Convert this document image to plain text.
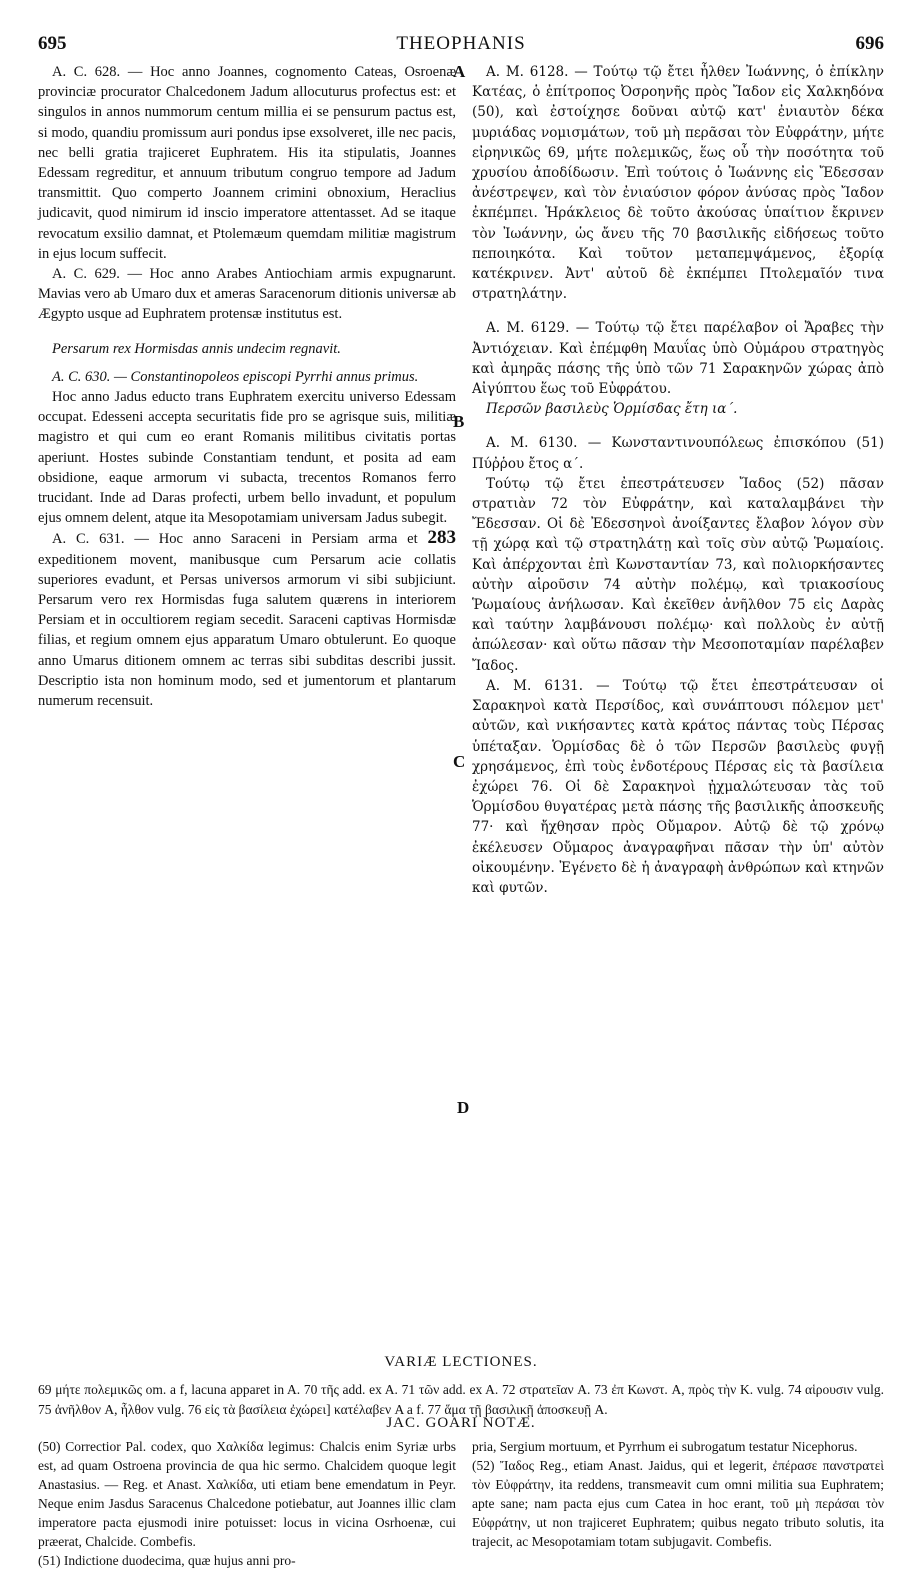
695	THEOPHANIS	696
A
B
C
D

A. C. 628. — Hoc anno Joannes, cognomento Cateas, Osroenæ provinciæ procurator Chalcedonem Jadum allocuturus profectus est: et singulos in annos nummorum centum millia ei se pensurum pactus est, si modo, quandiu promissum auri pondus ipse exsolveret, ille nec pacis, nec belli gratia trajiceret Euphratem. His ita stipulatis, Joannes Edessam regreditur, et annuum tributum congruo tempore ad Jadum transmittit. Quo comperto Joannem crimini obnoxium, Heraclius judicavit, quod nimirum id inscio imperatore attentasset. Ad se itaque revocatum exsilio damnat, et Ptolemæum quemdam militiæ magistrum in ejus locum suffecit.

A. C. 629. — Hoc anno Arabes Antiochiam armis expugnarunt. Mavias vero ab Umaro dux et ameras Saracenorum ditionis universæ ab Ægypto usque ad Euphratem protensæ institutus est.

Persarum rex Hormisdas annis undecim regnavit.

A. C. 630. — Constantinopoleos episcopi Pyrrhi annus primus.

Hoc anno Jadus educto trans Euphratem exercitu universo Edessam occupat. Edesseni accepta securitatis fide pro se agrisque suis, militiæ magistro et qui cum eo erant Romanis militibus civitatis portas aperiunt. Hostes subinde Constantiam tendunt, et posita ad eam obsidione, eaque armorum vi subacta, trecentos Romanos ferro trucidant. Inde ad Daras profecti, urbem bello invadunt, et populum ejus omnem delent, atque ita Mesopotamiam universam Jadus subegit.

A. C. 631. — Hoc anno Saraceni in Persiam arma et 283 expeditionem movent, manibusque cum Persarum acie collatis superiores evadunt, et Persas universos armorum vi sibi subjiciunt. Persarum vero rex Hormisdas fuga salutem quærens in interiorem Persiam et in occultiorem regiam secedit. Saraceni captivas Hormisdæ filias, et regium omnem ejus apparatum Umaro obtulerunt. Eo quoque anno Umarus ditionem omnem ac terras sibi subditas describi jussit. Descriptio ista non hominum modo, sed et jumentorum et plantarum numerum recensuit.

A. M. 6128. — Τούτῳ τῷ ἔτει ἦλθεν Ἰωάννης, ὁ ἐπίκλην Κατέας, ὁ ἐπίτροπος Ὀσροηνῆς πρὸς Ἴαδον εἰς Χαλκηδόνα (50), καὶ ἐστοίχησε δοῦναι αὐτῷ κατ' ἐνιαυτὸν δέκα μυριάδας νομισμάτων, τοῦ μὴ περᾶσαι τὸν Εὐφράτην, μήτε εἰρηνικῶς 69, μήτε πολεμικῶς, ἕως οὗ τὴν ποσότητα τοῦ χρυσίου ἀποδίδωσιν. Ἐπὶ τούτοις ὁ Ἰωάννης εἰς Ἔδεσσαν ἀνέστρεψεν, καὶ τὸν ἐνιαύσιον φόρον ἀνύσας πρὸς Ἴαδον ἐκπέμπει. Ἡράκλειος δὲ τοῦτο ἀκούσας ὑπαίτιον ἔκρινεν τὸν Ἰωάννην, ὡς ἄνευ τῆς 70 βασιλικῆς εἰδήσεως τοῦτο πεποιηκότα. Καὶ τοῦτον μεταπεμψάμενος, ἐξορίᾳ κατέκρινεν. Ἀντ' αὐτοῦ δὲ ἐκπέμπει Πτολεμαῖόν τινα στρατηλάτην.

A. M. 6129. — Τούτῳ τῷ ἔτει παρέλαβον οἱ Ἄραβες τὴν Ἀντιόχειαν. Καὶ ἐπέμφθη Μαυΐας ὑπὸ Οὐμάρου στρατηγὸς καὶ ἀμηρᾶς πάσης τῆς ὑπὸ τῶν 71 Σαρακηνῶν χώρας ἀπὸ Αἰγύπτου ἕως τοῦ Εὐφράτου.

Περσῶν βασιλεὺς Ὁρμίσδας ἔτη ια΄.

A. M. 6130. — Κωνσταντινουπόλεως ἐπισκόπου (51) Πύῤῥου ἔτος α΄.

Τούτῳ τῷ ἔτει ἐπεστράτευσεν Ἴαδος (52) πᾶσαν στρατιὰν 72 τὸν Εὐφράτην, καὶ καταλαμβάνει τὴν Ἔδεσσαν. Οἱ δὲ Ἐδεσσηνοὶ ἀνοίξαντες ἔλαβον λόγον σὺν τῇ χώρᾳ καὶ τῷ στρατηλάτῃ καὶ τοῖς σὺν αὐτῷ Ῥωμαίοις. Καὶ ἀπέρχονται ἐπὶ Κωνσταντίαν 73, καὶ πολιορκήσαντες αὐτὴν αἱροῦσιν 74 αὐτὴν πολέμῳ, καὶ τριακοσίους Ῥωμαίους ἀνήλωσαν. Καὶ ἐκεῖθεν ἀνῆλθον 75 εἰς Δαρὰς καὶ ταύτην λαμβάνουσι πολέμῳ· καὶ πολλοὺς ἐν αὐτῇ ἀπώλεσαν· καὶ οὕτω πᾶσαν τὴν Μεσοποταμίαν παρέλαβεν Ἴαδος.

A. M. 6131. — Τούτῳ τῷ ἔτει ἐπεστράτευσαν οἱ Σαρακηνοὶ κατὰ Περσίδος, καὶ συνάπτουσι πόλεμον μετ' αὐτῶν, καὶ νικήσαντες κατὰ κράτος πάντας τοὺς Πέρσας ὑπέταξαν. Ὁρμίσδας δὲ ὁ τῶν Περσῶν βασιλεὺς φυγῇ χρησάμενος, ἐπὶ τοὺς ἐνδοτέρους Πέρσας εἰς τὰ βασίλεια ἐχώρει 76. Οἱ δὲ Σαρακηνοὶ ᾐχμαλώτευσαν τὰς τοῦ Ὁρμίσδου θυγατέρας μετὰ πάσης τῆς βασιλικῆς ἀποσκευῆς 77· καὶ ἤχθησαν πρὸς Οὔμαρον. Αὐτῷ δὲ τῷ χρόνῳ ἐκέλευσεν Οὔμαρος ἀναγραφῆναι πᾶσαν τὴν ὑπ' αὐτὸν οἰκουμένην. Ἐγένετο δὲ ἡ ἀναγραφὴ ἀνθρώπων καὶ κτηνῶν καὶ φυτῶν.

VARIÆ LECTIONES.
69 μήτε πολεμικῶς om. a f, lacuna apparet in A. 70 τῆς add. ex A. 71 τῶν add. ex A. 72 στρατεῖαν A. 73 ἐπ Κωνστ. A, πρὸς τὴν K. vulg. 74 αἱρουσιν vulg. 75 ἀνῆλθον A, ἦλθον vulg. 76 εἰς τὰ βασίλεια ἐχώρει] κατέλαβεν A a f. 77 ἅμα τῇ βασιλικῇ ἀποσκευῇ A.
JAC. GOARI NOTÆ.
(50) Correctior Pal. codex, quo Χαλκίδα legimus: Chalcis enim Syriæ urbs est, ad quam Ostroena provincia de qua hic sermo. Chalcidem quoque legit Anastasius. — Reg. et Anast. Χαλκίδα, uti etiam bene emendatum in Peyr. Neque enim Jasdus Saracenus Chalcedone potiebatur, aut Joannes illic clam imperatore pacta ejusmodi inire potuisset: locus in vicina Osrhoenæ, cui præerat, Chalcide. Combefis.
(51) Indictione duodecima, quæ hujus anni pro-
pria, Sergium mortuum, et Pyrrhum ei subrogatum testatur Nicephorus.
(52) Ἴαδος Reg., etiam Anast. Jaidus, qui et legerit, ἐπέρασε πανστρατεὶ τὸν Εὐφράτην, ita reddens, transmeavit cum omni militia sua Euphratem; apte sane; nam pacta ejus cum Catea in hoc erant, τοῦ μὴ περάσαι τὸν Εὐφράτην, ut non trajiceret Euphratem; quibus negato tributo solutis, ita trajecit, ac Mesopotamiam totam subjugavit. Combefis.
